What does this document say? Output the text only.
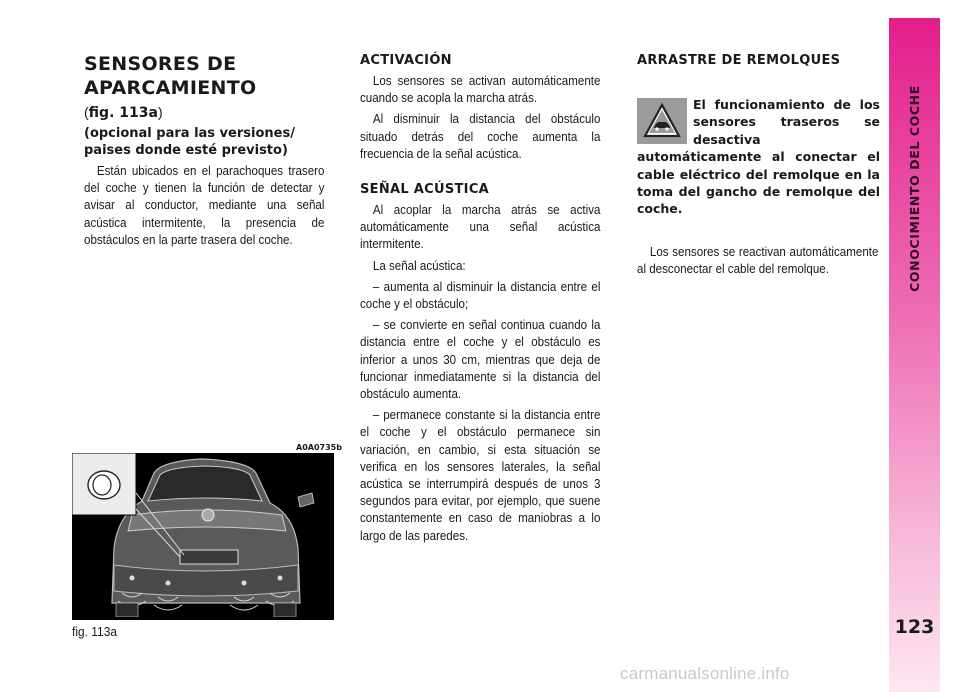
CONOCIMIENTO DEL COCHE
123
SENSORES DE
APARCAMIENTO
(fig. 113a)
(opcional para las versiones/ paises donde esté previsto)

Están ubicados en el parachoques trasero del coche y tienen la función de detectar y avisar al conductor, mediante una señal acústica intermitente, la presencia de obstáculos en la parte trasera del coche.

A0A0735b
fig. 113a
ACTIVACIÓN

Los sensores se activan automáticamente cuando se acopla la marcha atrás.

Al disminuir la distancia del obstáculo situado detrás del coche aumenta la frecuencia de la señal acústica.

SEÑAL ACÚSTICA

Al acoplar la marcha atrás se activa automáticamente una señal acústica intermitente.

La señal acústica:

– aumenta al disminuir la distancia entre el coche y el obstáculo;

– se convierte en señal continua cuando la distancia entre el coche y el obstáculo es inferior a unos 30 cm, mientras que deja de funcionar inmediatamente si la distancia del obstáculo aumenta.

– permanece constante si la distancia entre el coche y el obstáculo permanece sin variación, en cambio, si esta situación se verifica en los sensores laterales, la señal acústica se interrumpirá después de unos 3 segundos para evitar, por ejemplo, que suene constantemente en caso de maniobras a lo largo de las paredes.

ARRASTRE DE REMOLQUES
El funcionamiento de los sensores traseros se desactiva automáticamente al conectar el cable eléctrico del remolque en la toma del gancho de remolque del coche.

Los sensores se reactivan automáticamente al desconectar el cable del remolque.

carmanualsonline.info
